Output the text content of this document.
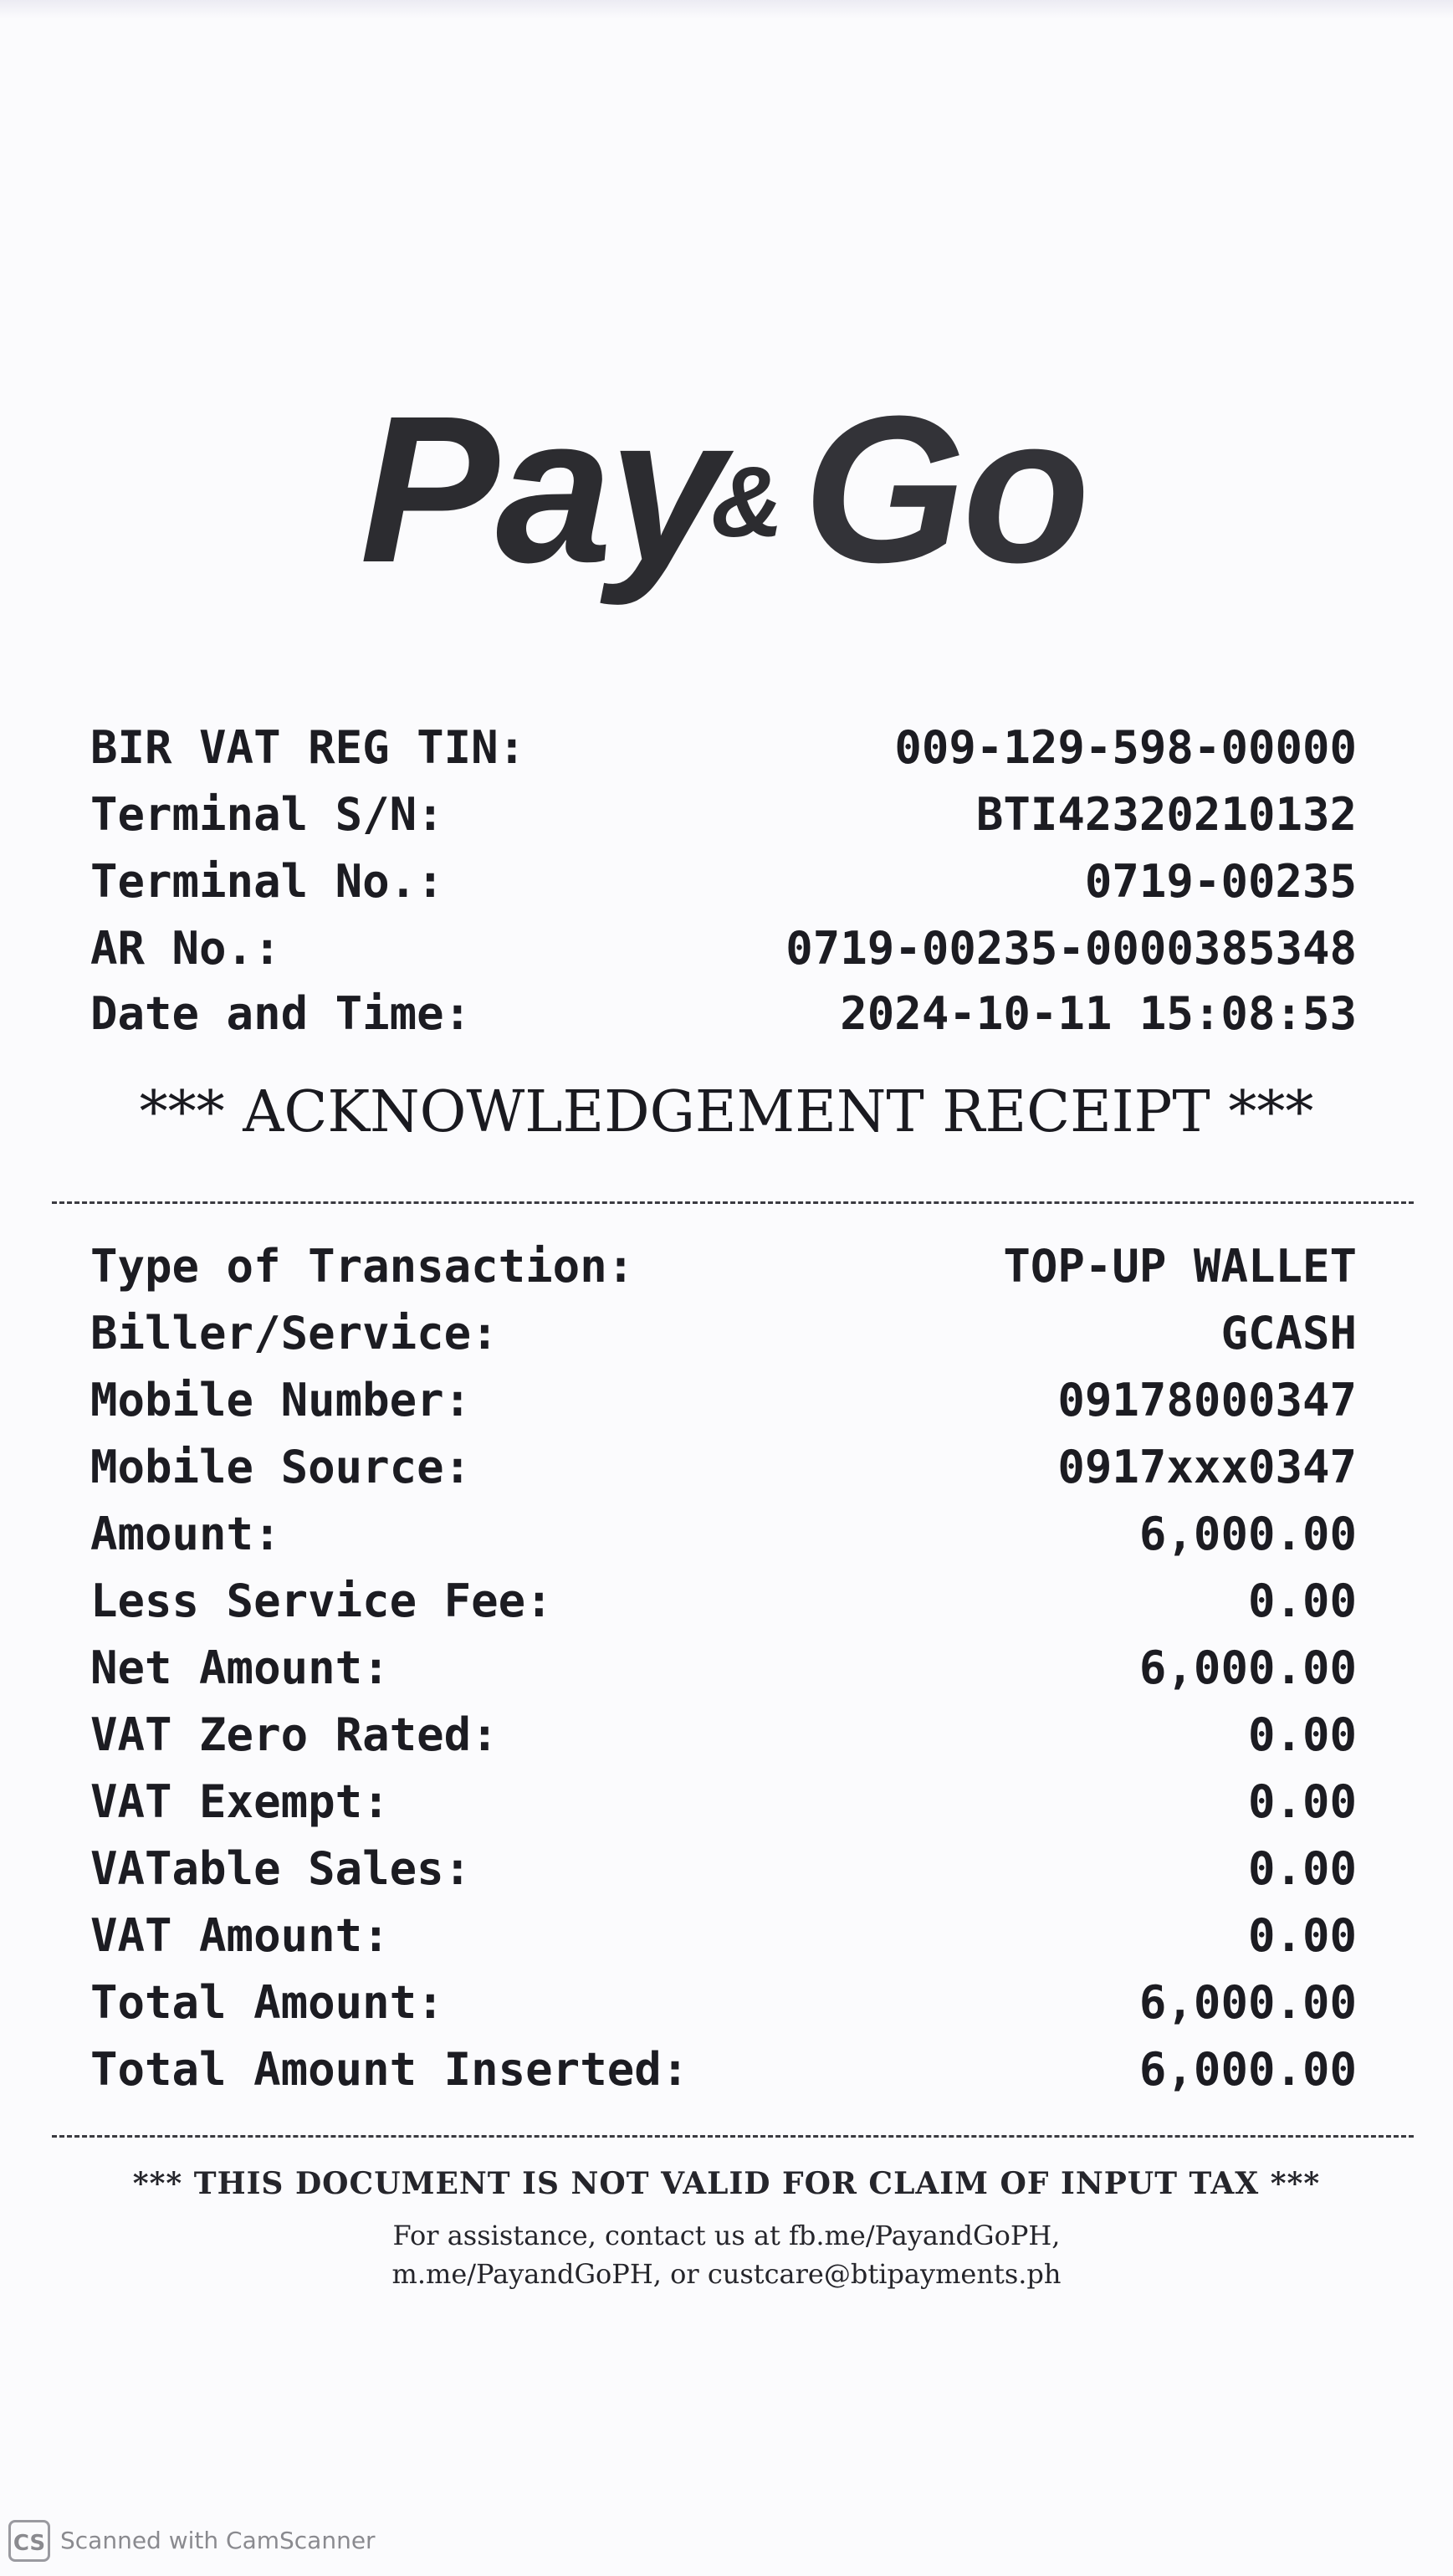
Pay
& Go
BIR VAT REG TIN:	009-129-598-00000
Terminal S/N:	BTI42320210132
Terminal No.:	0719-00235
AR No.:	0719-00235-0000385348
Date and Time:	2024-10-11 15:08:53
*** ACKNOWLEDGEMENT RECEIPT ***
Type of Transaction:	TOP-UP WALLET
Biller/Service:	GCASH
Mobile Number:	09178000347
Mobile Source:	0917xxx0347
Amount:	6,000.00
Less Service Fee:	0.00
Net Amount:	6,000.00
VAT Zero Rated:	0.00
VAT Exempt:	0.00
VATable Sales:	0.00
VAT Amount:	0.00
Total Amount:	6,000.00
Total Amount Inserted:	6,000.00
*** THIS DOCUMENT IS NOT VALID FOR CLAIM OF INPUT TAX ***
For assistance, contact us at fb.me/PayandGoPH,
m.me/PayandGoPH, or custcare@btipayments.ph
CS Scanned with CamScanner
